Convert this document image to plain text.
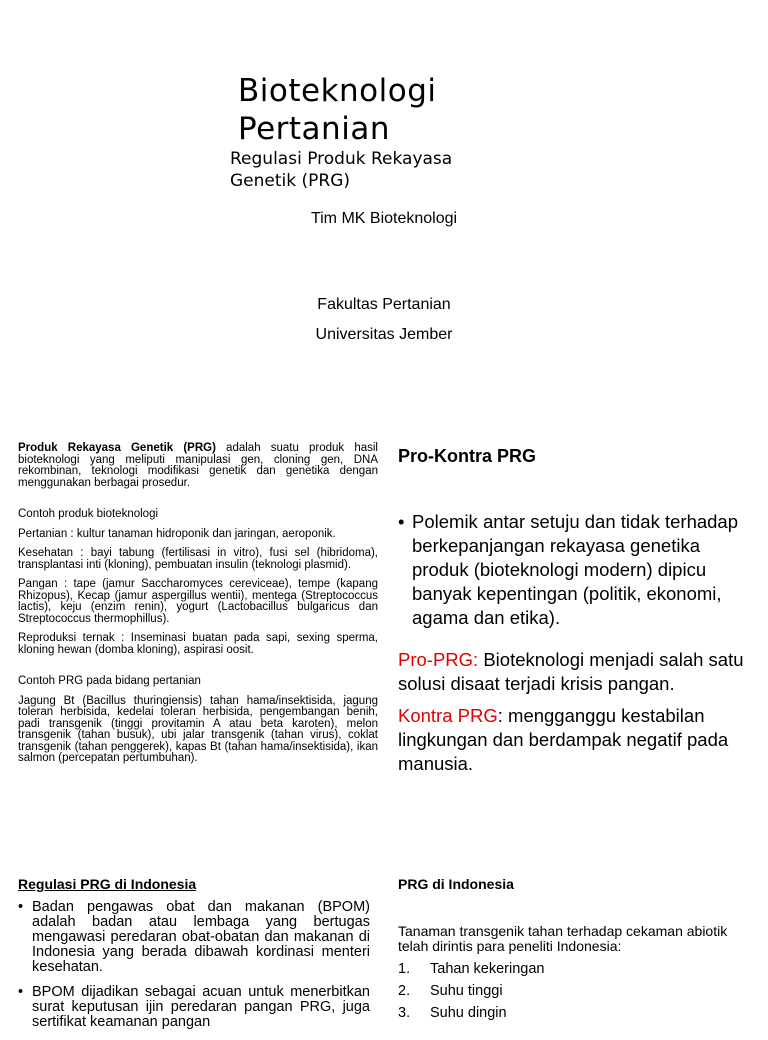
Bioteknologi
Pertanian
Regulasi Produk Rekayasa
Genetik (PRG)
Tim MK Bioteknologi
Fakultas Pertanian
Universitas Jember

Produk Rekayasa Genetik (PRG) adalah suatu produk hasil bioteknologi yang meliputi manipulasi gen, cloning gen, DNA rekombinan, teknologi modifikasi genetik dan genetika dengan menggunakan berbagai prosedur.

Contoh produk bioteknologi

Pertanian : kultur tanaman hidroponik dan jaringan, aeroponik.

Kesehatan : bayi tabung (fertilisasi in vitro), fusi sel (hibridoma), transplantasi inti (kloning), pembuatan insulin (teknologi plasmid).

Pangan : tape (jamur Saccharomyces cereviceae), tempe (kapang Rhizopus), Kecap (jamur aspergillus wentii), mentega (Streptococcus lactis), keju (enzim renin), yogurt (Lactobacillus bulgaricus dan Streptococcus thermophillus).

Reproduksi ternak : Inseminasi buatan pada sapi, sexing sperma, kloning hewan (domba kloning), aspirasi oosit.

Contoh PRG pada bidang pertanian

Jagung Bt (Bacillus thuringiensis) tahan hama/insektisida, jagung toleran herbisida, kedelai toleran herbisida, pengembangan benih, padi transgenik (tinggi provitamin A atau beta karoten), melon transgenik (tahan busuk), ubi jalar transgenik (tahan virus), coklat transgenik (tahan penggerek), kapas Bt (tahan hama/insektisida), ikan salmon (percepatan pertumbuhan).

Pro-Kontra PRG
• Polemik antar setuju dan tidak terhadap berkepanjangan rekayasa genetika produk (bioteknologi modern) dipicu banyak kepentingan (politik, ekonomi, agama dan etika).
Pro-PRG: Bioteknologi menjadi salah satu solusi disaat terjadi krisis pangan.
Kontra PRG: mengganggu kestabilan lingkungan dan berdampak negatif pada manusia.
Regulasi PRG di Indonesia
• Badan pengawas obat dan makanan (BPOM) adalah badan atau lembaga yang bertugas mengawasi peredaran obat-obatan dan makanan di Indonesia yang berada dibawah kordinasi menteri kesehatan.
• BPOM dijadikan sebagai acuan untuk menerbitkan surat keputusan ijin peredaran pangan PRG, juga sertifikat keamanan pangan
PRG di Indonesia
Tanaman transgenik tahan terhadap cekaman abiotik telah dirintis para peneliti Indonesia:
1.	Tahan kekeringan
2.	Suhu tinggi
3.	Suhu dingin
